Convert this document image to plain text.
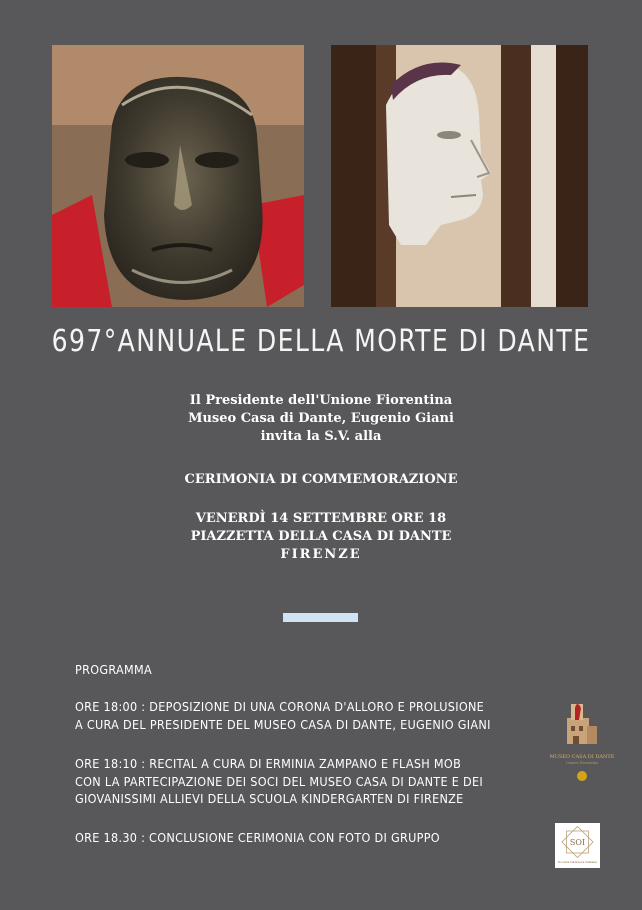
697°ANNUALE DELLA MORTE DI DANTE
Il Presidente dell'Unione Fiorentina
Museo Casa di Dante, Eugenio Giani
invita la S.V. alla
CERIMONIA DI COMMEMORAZIONE
VENERDÌ 14 SETTEMBRE ORE 18
PIAZZETTA DELLA CASA DI DANTE
FIRENZE
PROGRAMMA
ORE 18:00 : DEPOSIZIONE DI UNA CORONA D'ALLORO E PROLUSIONE
A CURA DEL PRESIDENTE DEL MUSEO CASA DI DANTE, EUGENIO GIANI
ORE 18:10 : RECITAL A CURA DI ERMINIA ZAMPANO E FLASH MOB
CON LA PARTECIPAZIONE DEI SOCI DEL MUSEO CASA DI DANTE E DEI
GIOVANISSIMI ALLIEVI DELLA SCUOLA KINDERGARTEN DI FIRENZE
ORE 18.30 : CONCLUSIONE CERIMONIA CON FOTO DI GRUPPO
MUSEO CASA DI DANTE
Unione Fiorentina
SOI
Società Dantesca Italiana
